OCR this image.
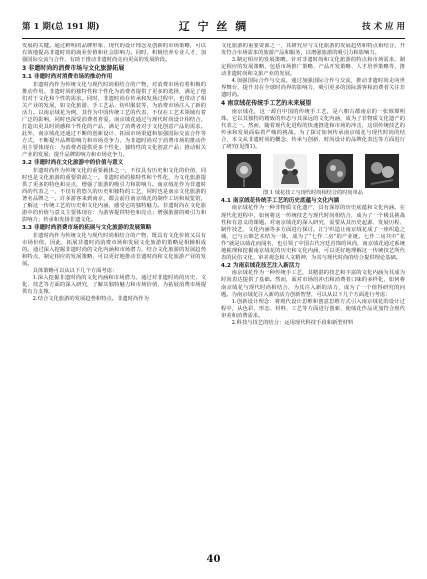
第 1 期(总 191 期)	辽 宁 丝 绸	技 术 应 用

发展的关键。通过鲜明的品牌形象、现代的设计理念及创新的市场策略，可以有效地提高非遗时尚的商业价值和社会影响力。同时，积极培养专业人才，加强国际交流与合作，有助于推动非遗时尚走向更高的发展阶段。

3 非遗时尚的消费市场与文化旅游拓展
3.1 非遗时尚对消费市场的推动作用

非遗时尚作为传统文化与现代时尚相结合的产物，对消费市场有着积极的推动作用。非遗时尚的独特性和个性化为消费者提供了更多的选择，满足了他们对于文化和个性的需求。同时，非遗时尚在传承和发扬过程中，也带动了相关产业的发展，如文化旅游、手工艺品、纺织服装等，为消费市场注入了新的活力。以南京绒花为例，其作为中国传统工艺的代表，不仅在工艺术领域有着广泛的影响，同时也深受消费者喜爱。南京绒花通过与现代时尚设计相结合，打造出更具时尚感和个性化的产品，满足了消费者对于文化创意产品的需求。此外，南京绒花还通过不断的创新设计、拓展市场渠道和加强国际交流合作等方式，不断提升品牌影响力和市场竞争力，为非遗时尚对于消费市场的推动作用主要体现在：为消费者提供更多个性化、独特性的文化创意产品；推动相关产业的发展；提升品牌影响力和市场竞争力。

3.2 非遗时尚在文化旅游中的价值与意义

非遗时尚作为传统文化的重要载体之一，不仅具有历史和文化的价值，同时也是文化旅游的重要资源之一。非遗时尚的独特性和个性化，为文化旅游提供了更多的特色和亮点，增强了旅游的吸引力和影响力。南京绒花作为非遗时尚的代表之一，不仅有着悠久的历史和独特的工艺，同时也是南京文化旅游的著名品牌之一。许多游客来到南京，都会前往南京绒花的制作工坊和展览馆，了解这一传统工艺的历史和文化内涵，感受它的独特魅力。非遗时尚在文化旅游中的价值与意义主要体现在：为游客提供特色和亮点；增强旅游的吸引力和影响力；传承和发扬非遗文化。

3.3 非遗时尚消费市场的拓展与文化旅游的发展策略

非遗时尚作为传统文化与现代时尚相结合的产物，既具有文化价值又具有市场价值。因此，拓展非遗时尚消费市场和发展文化旅游的策略是相辅相成的。通过深入挖掘非遗时尚的文化内涵和市场潜力，结合文化旅游的发展趋势和特点，制定相应的发展策略，可以更好地推动非遗时尚和文化旅游产业的发展。

具体策略可以从以下几个方面考虑：

1.深入挖掘非遗时尚的文化内涵和市场潜力。通过对非遗时尚的历史、文化、技艺等方面的深入研究，了解其独特魅力和市场价值，为拓展消费市场提供有力支撑。

2.结合文化旅游的发展趋势和特点。非遗时尚作为

文化旅游的重要资源之一，其研究应与文化旅游的发展趋势和特点相结合，开发符合市场需求的旅游产品和服务，以增强旅游的吸引力和影响力。

3.制定相应的发展策略。针对非遗时尚和文化旅游的特点和市场需求，制定相应的发展策略，包括市场推广策略、产品开发策略、人才培养策略等，推动非遗时尚和文旅产业的发展。

4.加强国际合作与交流。通过加强国际合作与交流，推动非遗时尚走向世界舞台，提升其在全球时尚界的影响力，吸引更多的国际游客和消费者关注非遗时尚。

4 南京绒花传统手工艺的未来展望

南京绒花，这一源自中国的传统手工艺，是六朝古都南京的一张璀璨明珠。它以其独特的精致的形态与其深远的文化内涵，成为了非物质文化遗产的代表之一。然而，随着现代化进程的快速推进和市场的冲击，这项传统技艺的传承和发展面临着严峻的挑战。为了探讨如何传承南京绒花与现代时尚的结合，本文从非遗时尚的概念、传承与创新、时尚设计的品牌化表达等方面进行了研究(见图1)。

图 1 绒花技工与现代时尚相结合的时尚单品
4.1 南京绒花传统手工艺的历史底蕴与文化内涵

南京绒花作为一种非物质文化遗产，具有深厚的历史底蕴和文化内涵。在现代化进程中，如何将这一传统技艺与现代时尚相结合，成为了一个极具挑战性和有意义的课题。对南京绒花的深入研究，需要从其历史起源、发展历程、制作技艺、文化内涵等多方面进行探讨。江宁织造让南京绒花成了一座织造之城，已与云锦艺术结为一体，成为了“七作二房”的产业链。七作二房共中“花作”就是以绒花而闻名，也引领了中国古代宫廷首饰的风尚，南京绒花通过系统地梳理和挖掘南京绒花的历史和文化内涵，可以更好地理解这一传统技艺所代表的民俗文化、审美观念和人文精神，为其与现代时尚的结合提供理论基础。

4.2 为南京绒花技艺注入新活力

南京绒花作为一种传统手工艺，其精湛的技艺和丰富的文化内涵为其成为时尚表达提供了基础。然而，面对市场的冲击和消费者口味的多样化，如何将南京绒花与现代时尚相结合，为其注入新的活力，成为了一个值得研究的问题。为南京绒花注入新的活力创新智慧，可以从以下几个方面进行考虑：

1.创新设计理念：将现代设计思维和创意思维方式引入南京绒花的设计过程中，从色彩、形态、材料、工艺等方面进行创新，使绒花作品更加符合现代审美和消费需求。

2.科技与技艺的结合：运用现代科技手段和新型材料

40
